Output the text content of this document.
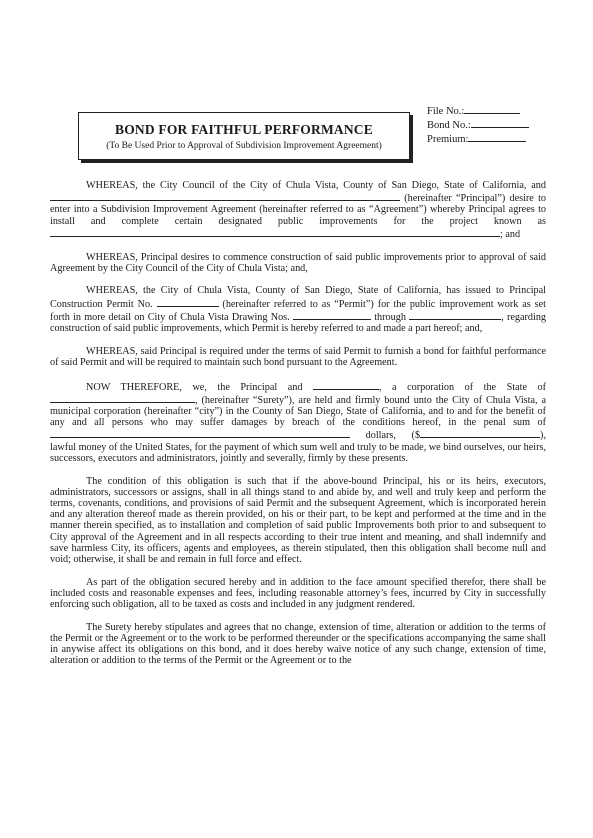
BOND FOR FAITHFUL PERFORMANCE
(To Be Used Prior to Approval of Subdivision Improvement Agreement)
File No.:
Bond No.:
Premium:

WHEREAS, the City Council of the City of Chula Vista, County of San Diego, State of California, and  (hereinafter “Principal”) desire to enter into a Subdivision Improvement Agreement (hereinafter referred to as “Agreement”) whereby Principal agrees to install and complete certain designated public improvements for the project known as ; and

WHEREAS, Principal desires to commence construction of said public improvements prior to approval of said Agreement by the City Council of the City of Chula Vista; and,

WHEREAS, the City of Chula Vista, County of San Diego, State of California, has issued to Principal Construction Permit No.	(hereinafter referred to as “Permit”) for the public improvement work as set forth in more detail on City of Chula Vista Drawing Nos.	through	, regarding construction of said public improvements, which Permit is hereby referred to and made a part hereof; and,

WHEREAS, said Principal is required under the terms of said Permit to furnish a bond for faithful performance of said Permit and will be required to maintain such bond pursuant to the Agreement.

NOW THEREFORE, we, the Principal and	, a corporation of the State of , (hereinafter “Surety”), are held and firmly bound unto the City of Chula Vista, a municipal corporation (hereinafter “city”) in the County of San Diego, State of California, and to and for the benefit of any and all persons who may suffer damages by breach of the conditions hereof, in the penal sum of  dollars, ($	), lawful money of the United States, for the payment of which sum well and truly to be made, we bind ourselves, our heirs, successors, executors and administrators, jointly and severally, firmly by these presents.

The condition of this obligation is such that if the above-bound Principal, his or its heirs, executors, administrators, successors or assigns, shall in all things stand to and abide by, and well and truly keep and perform the terms, covenants, conditions, and provisions of said Permit and the subsequent Agreement, which is incorporated herein and any alteration thereof made as therein provided, on his or their part, to be kept and performed at the time and in the manner therein specified, as to installation and completion of said public Improvements both prior to and subsequent to City approval of the Agreement and in all respects according to their true intent and meaning, and shall indemnify and save harmless City, its officers, agents and employees, as therein stipulated, then this obligation shall become null and void; otherwise, it shall be and remain in full force and effect.

As part of the obligation secured hereby and in addition to the face amount specified therefor, there shall be included costs and reasonable expenses and fees, including reasonable attorney’s fees, incurred by City in successfully enforcing such obligation, all to be taxed as costs and included in any judgment rendered.

The Surety hereby stipulates and agrees that no change, extension of time, alteration or addition to the terms of the Permit or the Agreement or to the work to be performed thereunder or the specifications accompanying the same shall in anywise affect its obligations on this bond, and it does hereby waive notice of any such change, extension of time, alteration or addition to the terms of the Permit or the Agreement or to the
